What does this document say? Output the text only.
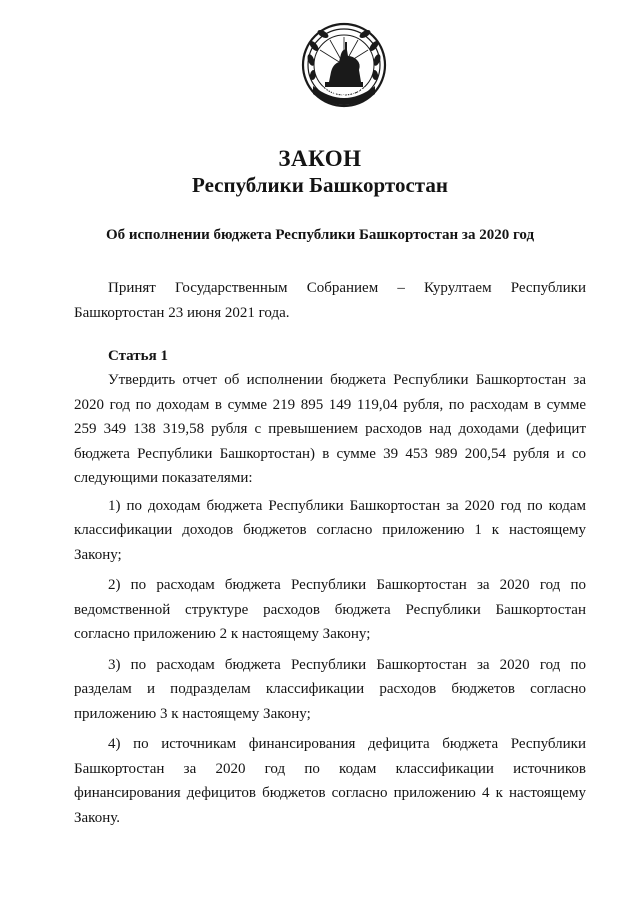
БАШКОРТОСТАН
ЗАКОН
Республики Башкортостан
Об исполнении бюджета Республики Башкортостан за 2020 год

Принят Государственным Собранием – Курултаем Республики Башкортостан 23 июня 2021 года.

Статья 1

Утвердить отчет об исполнении бюджета Республики Башкортостан за 2020 год по доходам в сумме 219 895 149 119,04 рубля, по расходам в сумме 259 349 138 319,58 рубля с превышением расходов над доходами (дефицит бюджета Республики Башкортостан) в сумме 39 453 989 200,54 рубля и со следующими показателями:

1) по доходам бюджета Республики Башкортостан за 2020 год по кодам классификации доходов бюджетов согласно приложению 1 к настоящему Закону;

2) по расходам бюджета Республики Башкортостан за 2020 год по ведомственной структуре расходов бюджета Республики Башкортостан согласно приложению 2 к настоящему Закону;

3) по расходам бюджета Республики Башкортостан за 2020 год по разделам и подразделам классификации расходов бюджетов согласно приложению 3 к настоящему Закону;

4) по источникам финансирования дефицита бюджета Республики Башкортостан за 2020 год по кодам классификации источников финансирования дефицитов бюджетов согласно приложению 4 к настоящему Закону.
